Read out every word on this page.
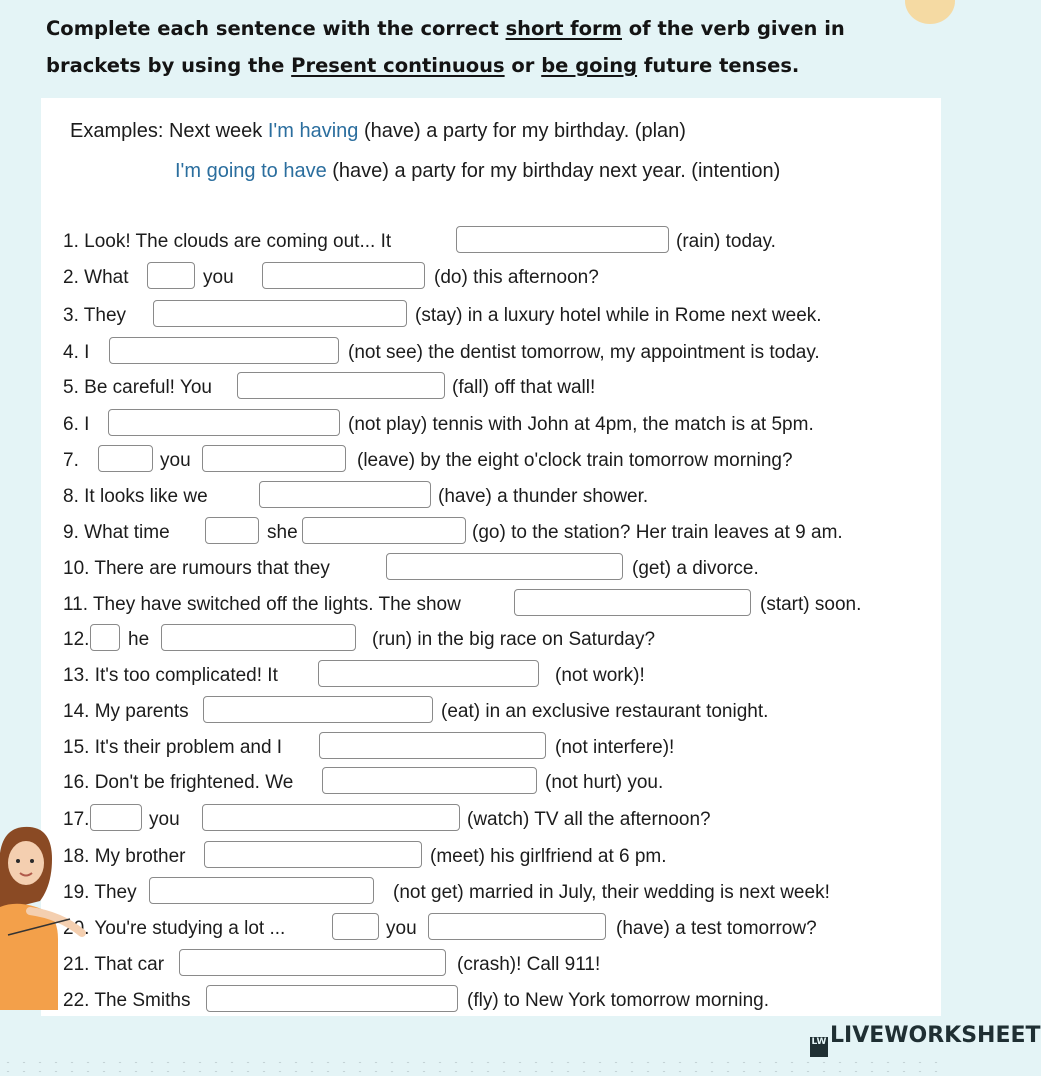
Complete each sentence with the correct short form of the verb given in brackets by using the Present continuous or be going future tenses.
Examples: Next week I'm having (have) a party for my birthday. (plan)
I'm going to have (have) a party for my birthday next year. (intention)
1. Look! The clouds are coming out... It	(rain) today.
2. What	you	(do) this afternoon?
3. They	(stay) in a luxury hotel while in Rome next week.
4. I	(not see) the dentist tomorrow, my appointment is today.
5. Be careful! You	(fall) off that wall!
6. I	(not play) tennis with John at 4pm, the match is at 5pm.
7.	you	(leave) by the eight o'clock train tomorrow morning?
8. It looks like we	(have) a thunder shower.
9. What time	she	(go) to the station? Her train leaves at 9 am.
10. There are rumours that they	(get) a divorce.
11. They have switched off the lights. The show	(start) soon.
12. he	(run) in the big race on Saturday?
13. It's too complicated! It	(not work)!
14. My parents	(eat) in an exclusive restaurant tonight.
15. It's their problem and I	(not interfere)!
16. Don't be frightened. We	(not hurt) you.
17.	you	(watch) TV all the afternoon?
18. My brother	(meet) his girlfriend at 6 pm.
19. They	(not get) married in July, their wedding is next week!
20. You're studying a lot ...	you	(have) a test tomorrow?
21. That car	(crash)! Call 911!
22. The Smiths	(fly) to New York tomorrow morning.
LW LIVEWORKSHEET
